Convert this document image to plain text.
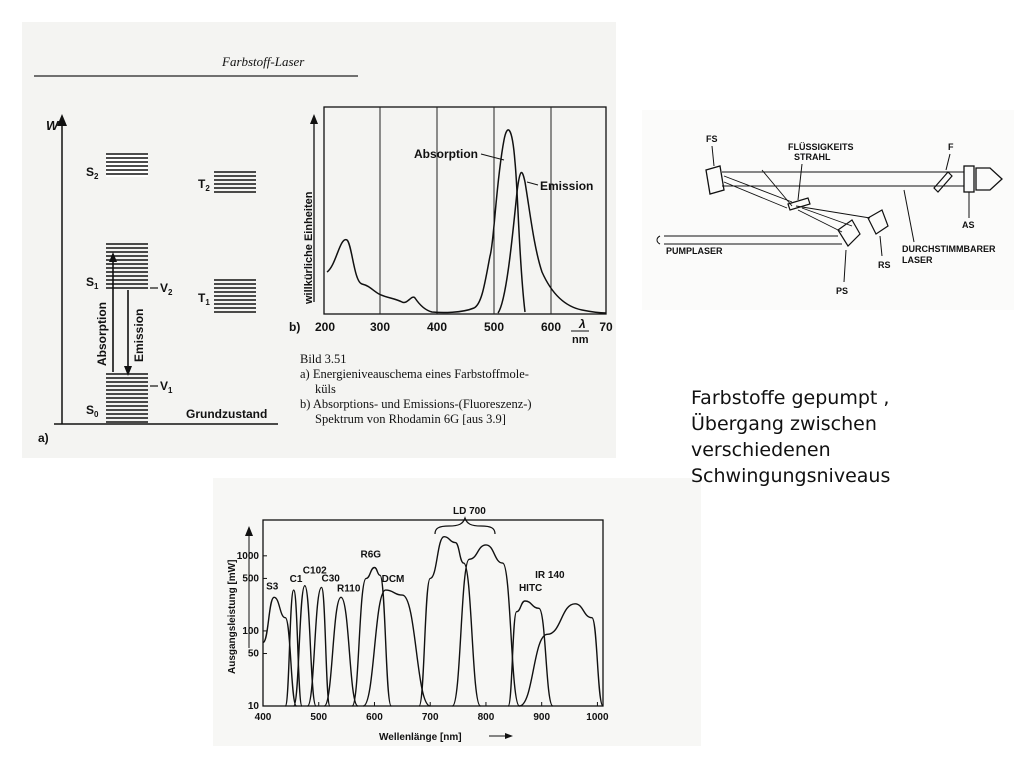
Farbstoff-Laser
W
$S_2$
$S_1$
$S_0$
$T_2$
$T_1$
$V_2$
$V_1$
Absorption Emission
Grundzustand
a)
willkürliche Einheiten
Absorption
Emission
b) 200	300	400	500	600	70
λ
nm
Bild 3.51
a) Energieniveauschema eines Farbstoffmole-
küls
b) Absorptions- und Emissions-(Fluoreszenz-)
Spektrum von Rhodamin 6G [aus 3.9]
FS
FLÜSSIGKEITS
STRAHL
F
AS
PUMPLASER
PS
RS
DURCHSTIMMBARER
LASER
Ausgangsleistung [mW]
Wellenlänge [nm]
400	500	600	700	800	900	1000
10
50
100
500
1000
S3
C1
C102
C30
R110
R6G
DCM
HITC
IR 140
LD 700
Farbstoffe gepumpt ,
Übergang zwischen
verschiedenen
Schwingungsniveaus
